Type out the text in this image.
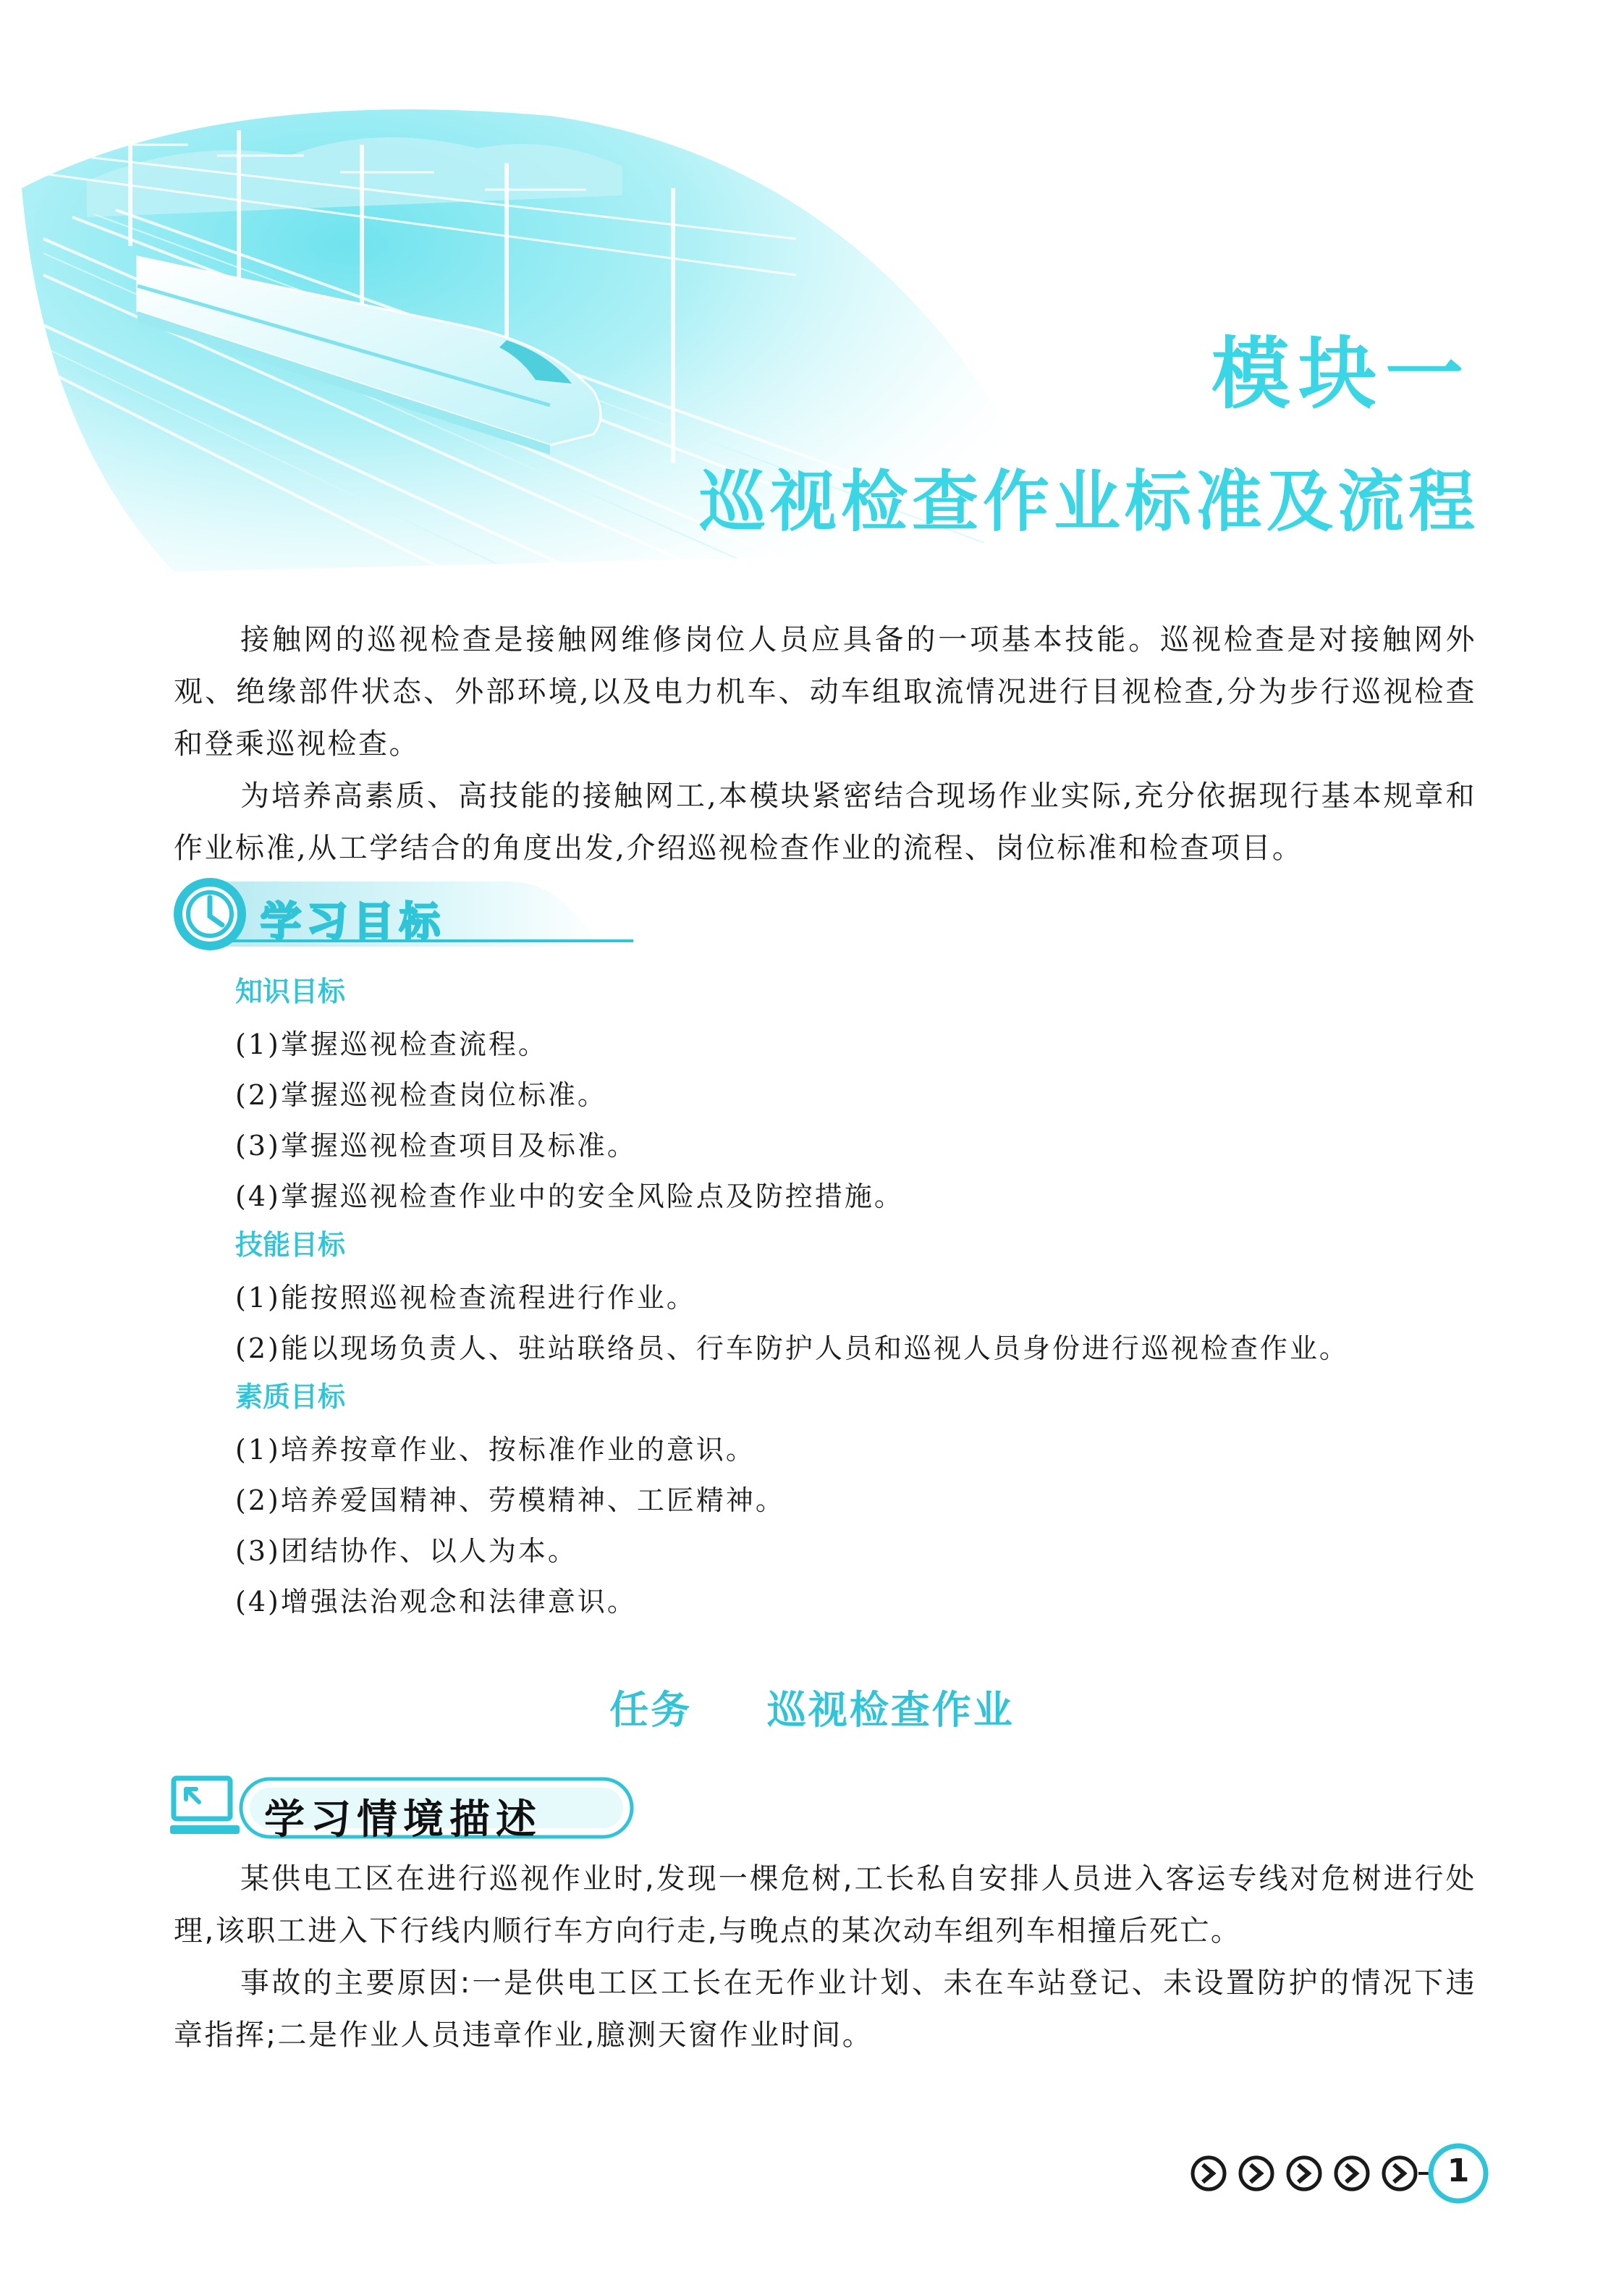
模块一
巡视检查作业标准及流程

接触网的巡视检查是接触网维修岗位人员应具备的一项基本技能。巡视检查是对接触网外观、绝缘部件状态、外部环境,以及电力机车、动车组取流情况进行目视检查,分为步行巡视检查和登乘巡视检查。

为培养高素质、高技能的接触网工,本模块紧密结合现场作业实际,充分依据现行基本规章和作业标准,从工学结合的角度出发,介绍巡视检查作业的流程、岗位标准和检查项目。

学习目标

知识目标

(1)掌握巡视检查流程。

(2)掌握巡视检查岗位标准。

(3)掌握巡视检查项目及标准。

(4)掌握巡视检查作业中的安全风险点及防控措施。

技能目标

(1)能按照巡视检查流程进行作业。

(2)能以现场负责人、驻站联络员、行车防护人员和巡视人员身份进行巡视检查作业。

素质目标

(1)培养按章作业、按标准作业的意识。

(2)培养爱国精神、劳模精神、工匠精神。

(3)团结协作、以人为本。

(4)增强法治观念和法律意识。

任务 巡视检查作业
学习情境描述

某供电工区在进行巡视作业时,发现一棵危树,工长私自安排人员进入客运专线对危树进行处理,该职工进入下行线内顺行车方向行走,与晚点的某次动车组列车相撞后死亡。

事故的主要原因:一是供电工区工长在无作业计划、未在车站登记、未设置防护的情况下违章指挥;二是作业人员违章作业,臆测天窗作业时间。

1
